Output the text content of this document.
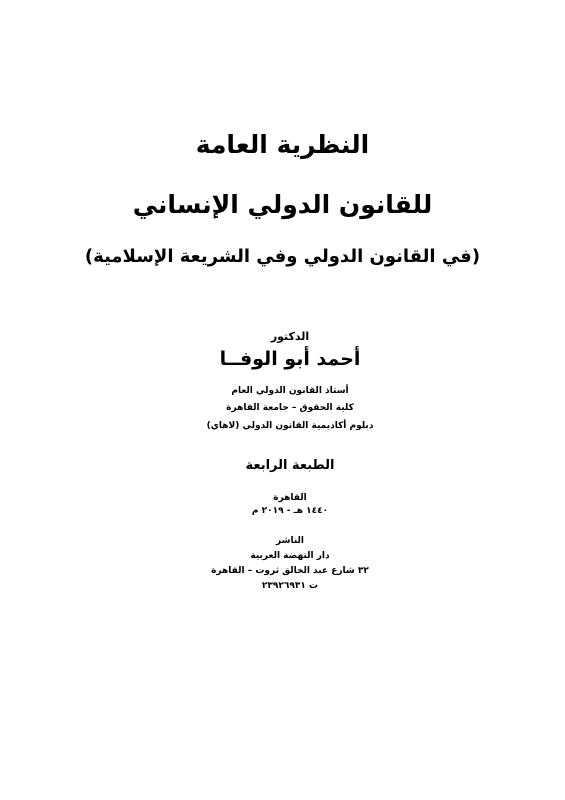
النظرية العامة
للقانون الدولي الإنساني
(في القانون الدولي وفي الشريعة الإسلامية)
الدكتور
أحمد أبو الوفــا
أستاذ القانون الدولي العام
كلية الحقوق – جامعة القاهرة
دبلوم أكاديمية القانون الدولي (لاهاي)
الطبعة الرابعة
القاهرة
١٤٤٠ هـ - ٢٠١٩ م
الناشر
دار النهضة العربية
٣٢ شارع عبد الخالق ثروت – القاهرة
ت ٢٣٩٢٦٩٣١
